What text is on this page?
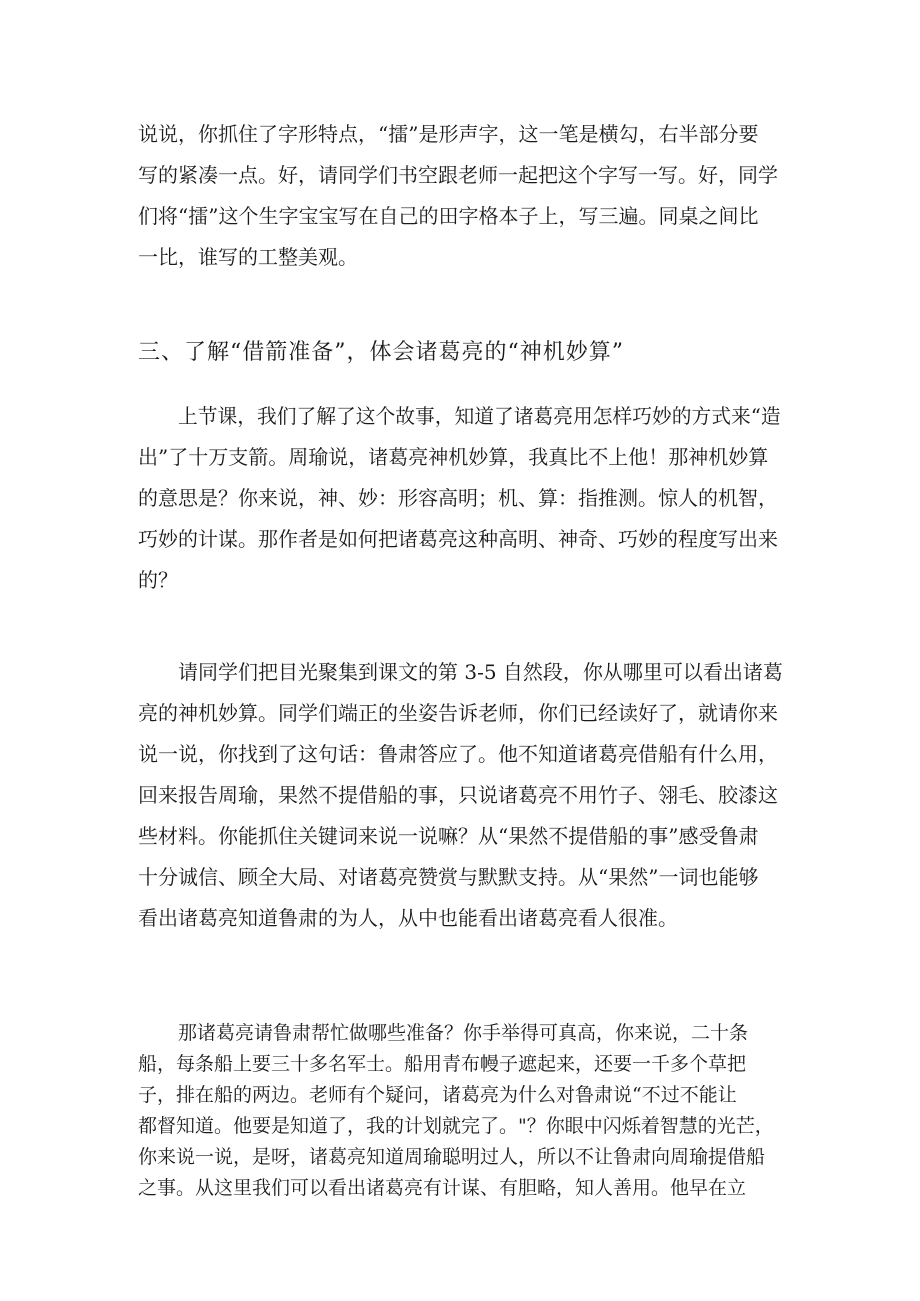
说说，你抓住了字形特点，“擂”是形声字，这一笔是横勾，右半部分要
写的紧凑一点。好，请同学们书空跟老师一起把这个字写一写。好，同学
们将“擂”这个生字宝宝写在自己的田字格本子上，写三遍。同桌之间比
一比，谁写的工整美观。

三、了解“借箭准备”，体会诸葛亮的“神机妙算”

上节课，我们了解了这个故事，知道了诸葛亮用怎样巧妙的方式来“造
出”了十万支箭。周瑜说，诸葛亮神机妙算，我真比不上他！那神机妙算
的意思是？你来说，神、妙：形容高明；机、算：指推测。惊人的机智，
巧妙的计谋。那作者是如何把诸葛亮这种高明、神奇、巧妙的程度写出来
的？

请同学们把目光聚集到课文的第 3-5 自然段，你从哪里可以看出诸葛
亮的神机妙算。同学们端正的坐姿告诉老师，你们已经读好了，就请你来
说一说，你找到了这句话：鲁肃答应了。他不知道诸葛亮借船有什么用，
回来报告周瑜，果然不提借船的事，只说诸葛亮不用竹子、翎毛、胶漆这
些材料。你能抓住关键词来说一说嘛？从“果然不提借船的事”感受鲁肃
十分诚信、顾全大局、对诸葛亮赞赏与默默支持。从“果然”一词也能够
看出诸葛亮知道鲁肃的为人，从中也能看出诸葛亮看人很准。

那诸葛亮请鲁肃帮忙做哪些准备？你手举得可真高，你来说，二十条
船，每条船上要三十多名军士。船用青布幔子遮起来，还要一千多个草把
子，排在船的两边。老师有个疑问，诸葛亮为什么对鲁肃说“不过不能让
都督知道。他要是知道了，我的计划就完了。"？你眼中闪烁着智慧的光芒，
你来说一说，是呀，诸葛亮知道周瑜聪明过人，所以不让鲁肃向周瑜提借船
之事。从这里我们可以看出诸葛亮有计谋、有胆略，知人善用。他早在立
